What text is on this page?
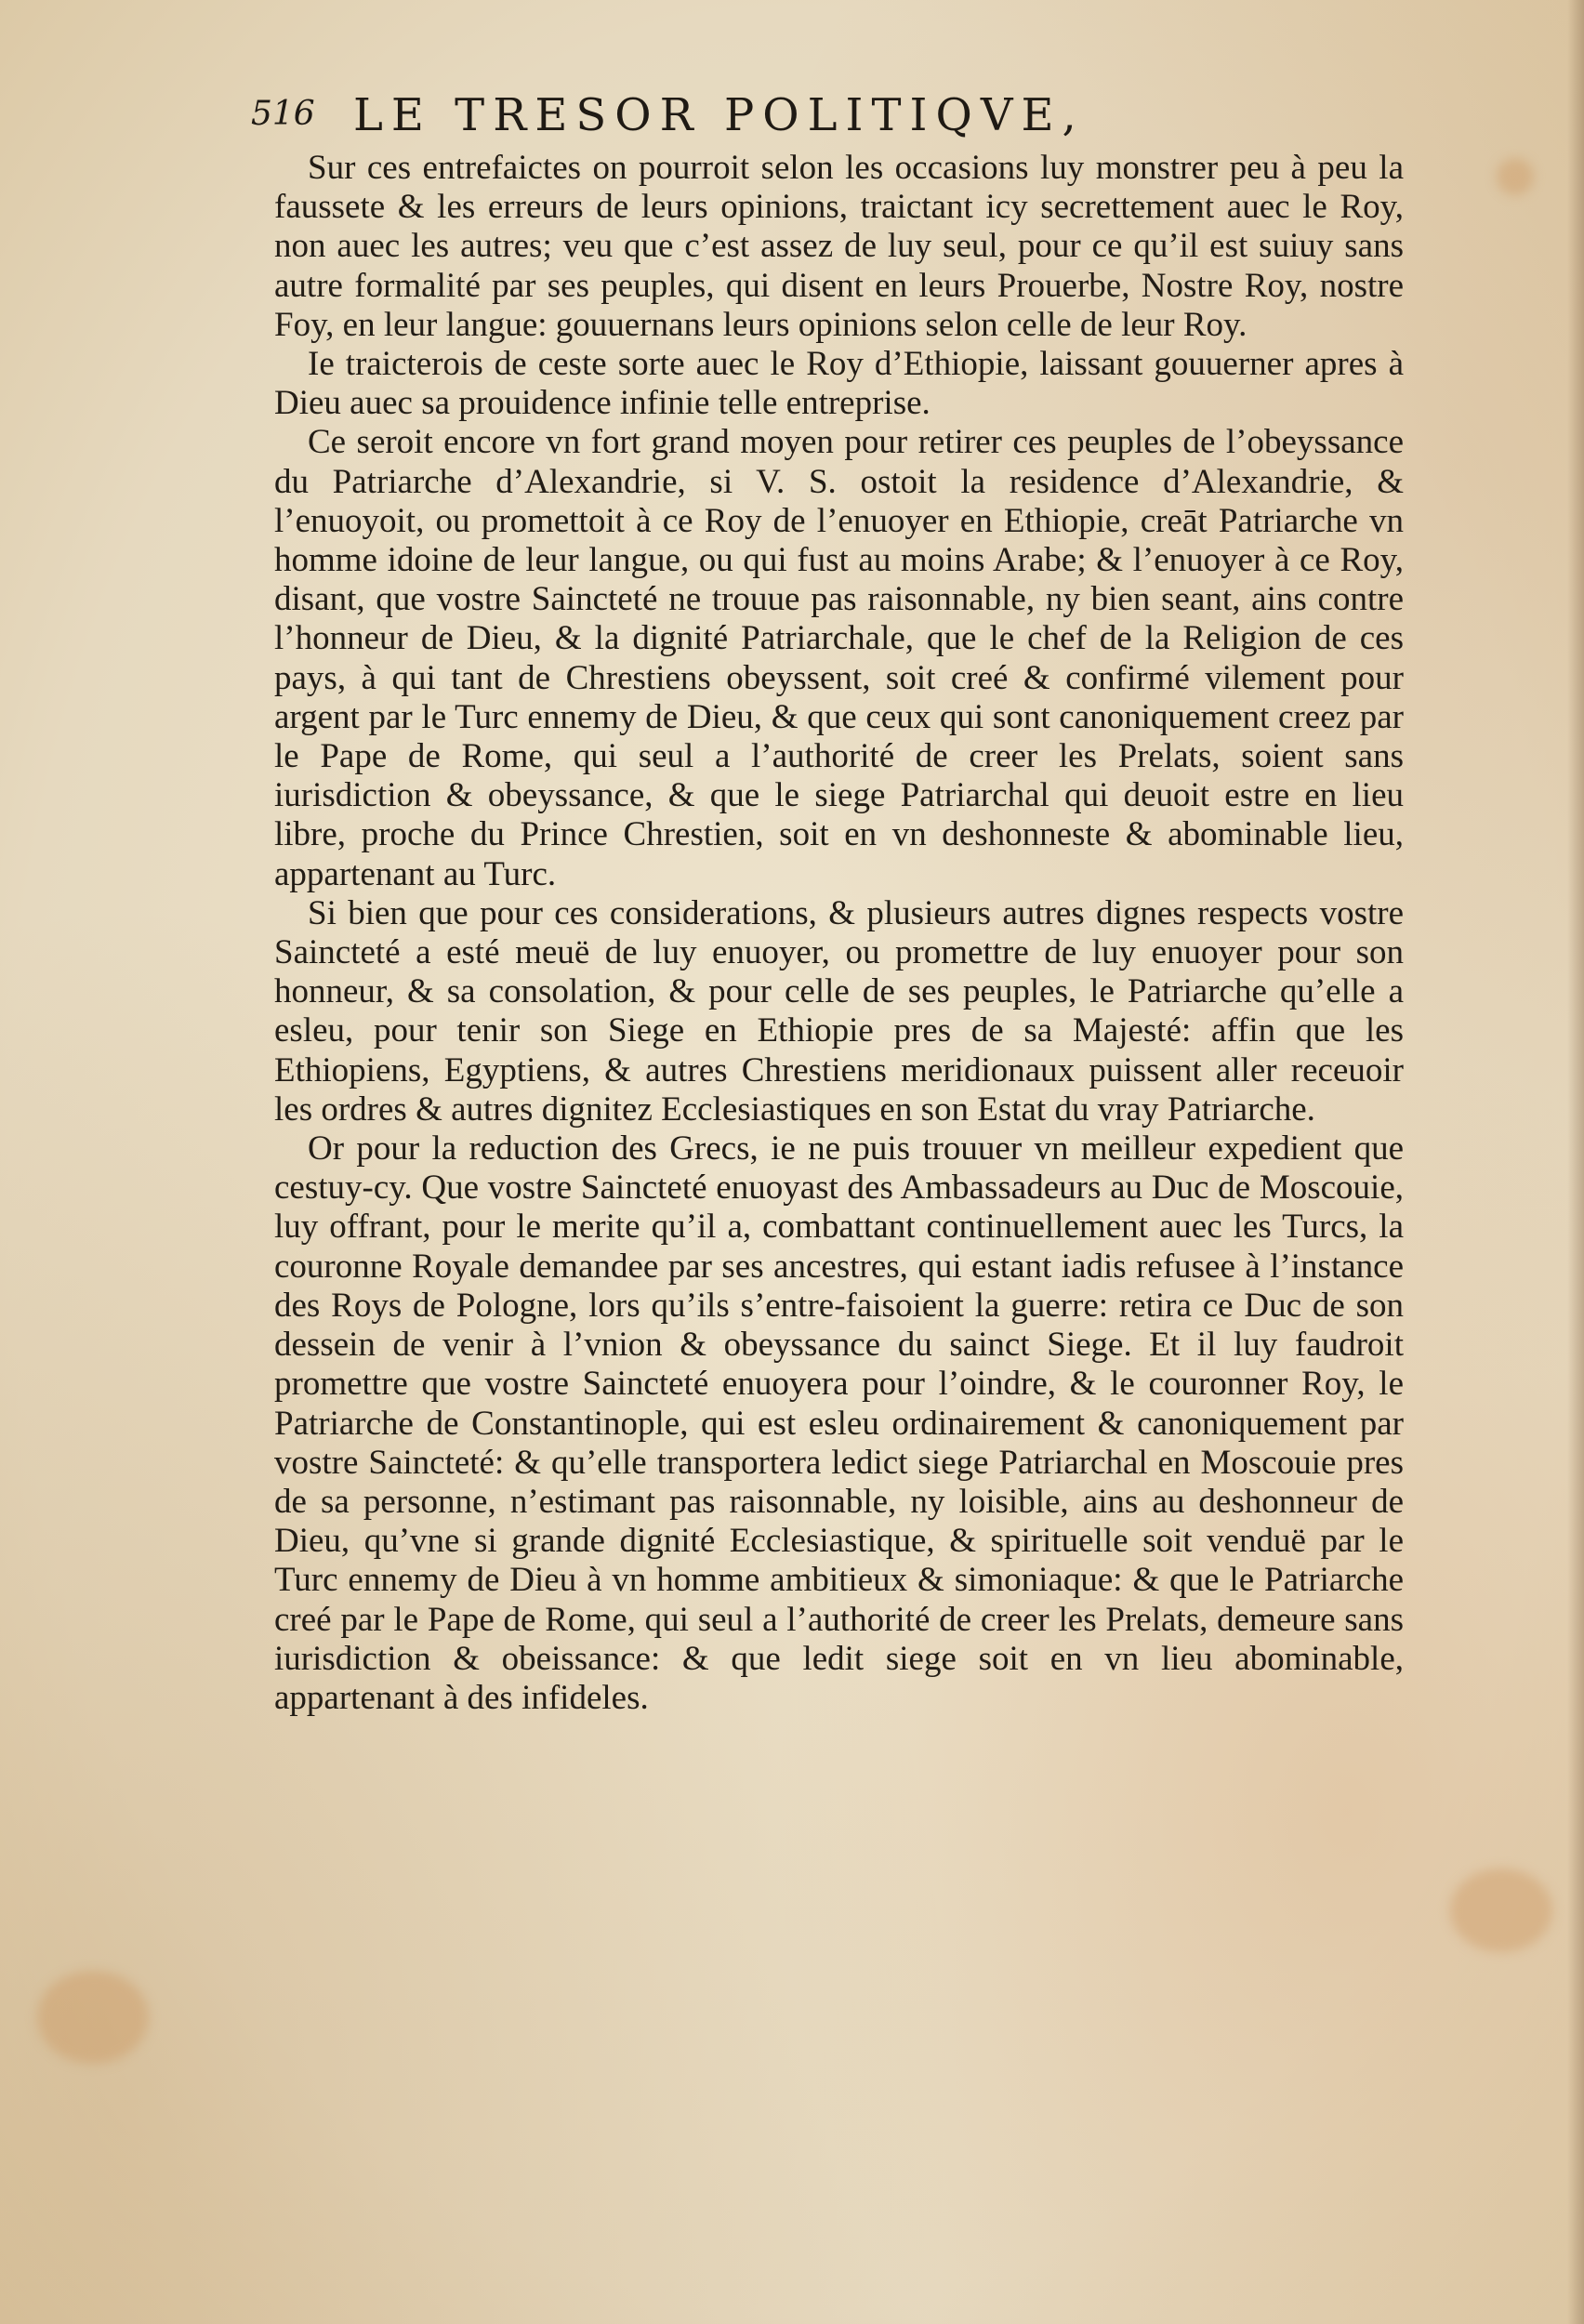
516 LE TRESOR POLITIQVE,

Sur ces entrefaictes on pourroit selon les occasions luy monstrer peu à peu la faussete & les erreurs de leurs opinions, traictant icy secrettement auec le Roy, non auec les autres; veu que c’est assez de luy seul, pour ce qu’il est suiuy sans autre formalité par ses peuples, qui disent en leurs Prouerbe, Nostre Roy, nostre Foy, en leur langue: gouuernans leurs opinions selon celle de leur Roy.

Ie traicterois de ceste sorte auec le Roy d’Ethiopie, laissant gouuerner apres à Dieu auec sa prouidence infinie telle entreprise.

Ce seroit encore vn fort grand moyen pour retirer ces peuples de l’obeyssance du Patriarche d’Alexandrie, si V. S. ostoit la residence d’Alexandrie, & l’enuoyoit, ou promettoit à ce Roy de l’enuoyer en Ethiopie, creāt Patriarche vn homme idoine de leur langue, ou qui fust au moins Arabe; & l’enuoyer à ce Roy, disant, que vostre Saincteté ne trouue pas raisonnable, ny bien seant, ains contre l’honneur de Dieu, & la dignité Patriarchale, que le chef de la Religion de ces pays, à qui tant de Chrestiens obeyssent, soit creé & confirmé vilement pour argent par le Turc ennemy de Dieu, & que ceux qui sont canoniquement creez par le Pape de Rome, qui seul a l’authorité de creer les Prelats, soient sans iurisdiction & obeyssance, & que le siege Patriarchal qui deuoit estre en lieu libre, proche du Prince Chrestien, soit en vn deshonneste & abominable lieu, appartenant au Turc.

Si bien que pour ces considerations, & plusieurs autres dignes respects vostre Saincteté a esté meuë de luy enuoyer, ou promettre de luy enuoyer pour son honneur, & sa consolation, & pour celle de ses peuples, le Patriarche qu’elle a esleu, pour tenir son Siege en Ethiopie pres de sa Majesté: affin que les Ethiopiens, Egyptiens, & autres Chrestiens meridionaux puissent aller receuoir les ordres & autres dignitez Ecclesiastiques en son Estat du vray Patriarche.

Or pour la reduction des Grecs, ie ne puis trouuer vn meilleur expedient que cestuy-cy. Que vostre Saincteté enuoyast des Ambassadeurs au Duc de Moscouie, luy offrant, pour le merite qu’il a, combattant continuellement auec les Turcs, la couronne Royale demandee par ses ancestres, qui estant iadis refusee à l’instance des Roys de Pologne, lors qu’ils s’entre-faisoient la guerre: retira ce Duc de son dessein de venir à l’vnion & obeyssance du sainct Siege. Et il luy faudroit promettre que vostre Saincteté enuoyera pour l’oindre, & le couronner Roy, le Patriarche de Constantinople, qui est esleu ordinairement & canoniquement par vostre Saincteté: & qu’elle transportera ledict siege Patriarchal en Moscouie pres de sa personne, n’estimant pas raisonnable, ny loisible, ains au deshonneur de Dieu, qu’vne si grande dignité Ecclesiastique, & spirituelle soit venduë par le Turc ennemy de Dieu à vn homme ambitieux & simoniaque: & que le Patriarche creé par le Pape de Rome, qui seul a l’authorité de creer les Prelats, demeure sans iurisdiction & obeissance: & que ledit siege soit en vn lieu abominable, appartenant à des infideles.
